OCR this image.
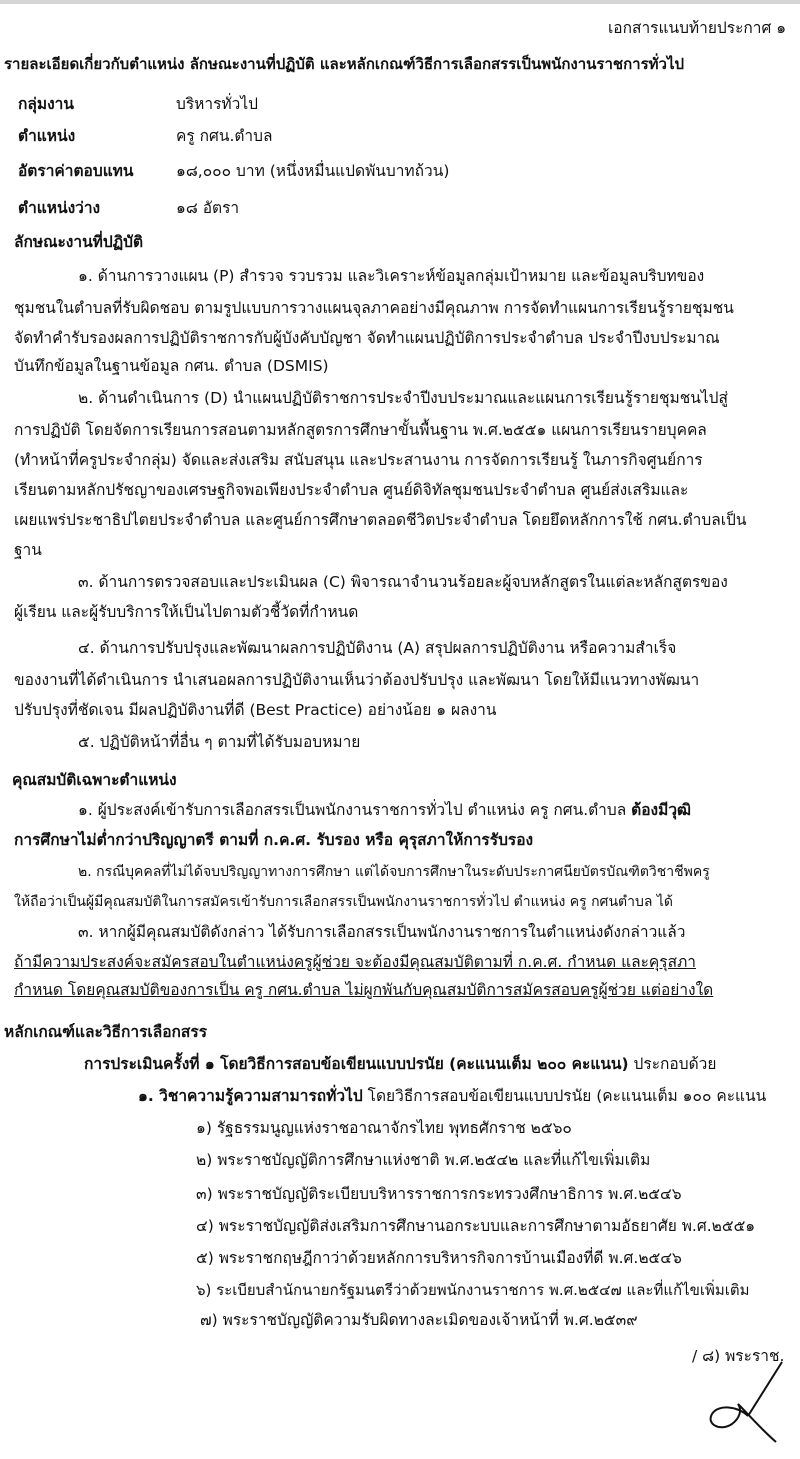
เอกสารแนบท้ายประกาศ ๑
รายละเอียดเกี่ยวกับตำแหน่ง ลักษณะงานที่ปฏิบัติ และหลักเกณฑ์วิธีการเลือกสรรเป็นพนักงานราชการทั่วไป
กลุ่มงาน	บริหารทั่วไป
ตำแหน่ง	ครู กศน.ตำบล
อัตราค่าตอบแทน	๑๘,๐๐๐ บาท (หนึ่งหมื่นแปดพันบาทถ้วน)
ตำแหน่งว่าง	๑๘ อัตรา
ลักษณะงานที่ปฏิบัติ
๑. ด้านการวางแผน (P) สำรวจ รวบรวม และวิเคราะห์ข้อมูลกลุ่มเป้าหมาย และข้อมูลบริบทของ
ชุมชนในตำบลที่รับผิดชอบ ตามรูปแบบการวางแผนจุลภาคอย่างมีคุณภาพ การจัดทำแผนการเรียนรู้รายชุมชน
จัดทำคำรับรองผลการปฏิบัติราชการกับผู้บังคับบัญชา จัดทำแผนปฏิบัติการประจำตำบล ประจำปีงบประมาณ
บันทึกข้อมูลในฐานข้อมูล กศน. ตำบล (DSMIS)
๒. ด้านดำเนินการ (D) นำแผนปฏิบัติราชการประจำปีงบประมาณและแผนการเรียนรู้รายชุมชนไปสู่
การปฏิบัติ โดยจัดการเรียนการสอนตามหลักสูตรการศึกษาขั้นพื้นฐาน พ.ศ.๒๕๕๑ แผนการเรียนรายบุคคล
(ทำหน้าที่ครูประจำกลุ่ม) จัดและส่งเสริม สนับสนุน และประสานงาน การจัดการเรียนรู้ ในภารกิจศูนย์การ
เรียนตามหลักปรัชญาของเศรษฐกิจพอเพียงประจำตำบล ศูนย์ดิจิทัลชุมชนประจำตำบล ศูนย์ส่งเสริมและ
เผยแพร่ประชาธิปไตยประจำตำบล และศูนย์การศึกษาตลอดชีวิตประจำตำบล โดยยึดหลักการใช้ กศน.ตำบลเป็น
ฐาน
๓. ด้านการตรวจสอบและประเมินผล (C) พิจารณาจำนวนร้อยละผู้จบหลักสูตรในแต่ละหลักสูตรของ
ผู้เรียน และผู้รับบริการให้เป็นไปตามตัวชี้วัดที่กำหนด
๔. ด้านการปรับปรุงและพัฒนาผลการปฏิบัติงาน (A) สรุปผลการปฏิบัติงาน หรือความสำเร็จ
ของงานที่ได้ดำเนินการ นำเสนอผลการปฏิบัติงานเห็นว่าต้องปรับปรุง และพัฒนา โดยให้มีแนวทางพัฒนา
ปรับปรุงที่ชัดเจน มีผลปฏิบัติงานที่ดี (Best Practice) อย่างน้อย ๑ ผลงาน
๕. ปฏิบัติหน้าที่อื่น ๆ ตามที่ได้รับมอบหมาย
คุณสมบัติเฉพาะตำแหน่ง
๑. ผู้ประสงค์เข้ารับการเลือกสรรเป็นพนักงานราชการทั่วไป ตำแหน่ง ครู กศน.ตำบล ต้องมีวุฒิ
การศึกษาไม่ต่ำกว่าปริญญาตรี ตามที่ ก.ค.ศ. รับรอง หรือ คุรุสภาให้การรับรอง
๒. กรณีบุคคลที่ไม่ได้จบปริญญาทางการศึกษา แต่ได้จบการศึกษาในระดับประกาศนียบัตรบัณฑิตวิชาชีพครู
ให้ถือว่าเป็นผู้มีคุณสมบัติในการสมัครเข้ารับการเลือกสรรเป็นพนักงานราชการทั่วไป ตำแหน่ง ครู กศนตำบล ได้
๓. หากผู้มีคุณสมบัติดังกล่าว ได้รับการเลือกสรรเป็นพนักงานราชการในตำแหน่งดังกล่าวแล้ว
ถ้ามีความประสงค์จะสมัครสอบในตำแหน่งครูผู้ช่วย จะต้องมีคุณสมบัติตามที่ ก.ค.ศ. กำหนด และคุรุสภา
กำหนด โดยคุณสมบัติของการเป็น ครู กศน.ตำบล ไม่ผูกพันกับคุณสมบัติการสมัครสอบครูผู้ช่วย แต่อย่างใด
หลักเกณฑ์และวิธีการเลือกสรร
การประเมินครั้งที่ ๑ โดยวิธีการสอบข้อเขียนแบบปรนัย (คะแนนเต็ม ๒๐๐ คะแนน) ประกอบด้วย
๑. วิชาความรู้ความสามารถทั่วไป โดยวิธีการสอบข้อเขียนแบบปรนัย (คะแนนเต็ม ๑๐๐ คะแนน
๑) รัฐธรรมนูญแห่งราชอาณาจักรไทย พุทธศักราช ๒๕๖๐
๒) พระราชบัญญัติการศึกษาแห่งชาติ พ.ศ.๒๕๔๒ และที่แก้ไขเพิ่มเติม
๓) พระราชบัญญัติระเบียบบริหารราชการกระทรวงศึกษาธิการ พ.ศ.๒๕๔๖
๔) พระราชบัญญัติส่งเสริมการศึกษานอกระบบและการศึกษาตามอัธยาศัย พ.ศ.๒๕๕๑
๕) พระราชกฤษฎีกาว่าด้วยหลักการบริหารกิจการบ้านเมืองที่ดี พ.ศ.๒๕๔๖
๖) ระเบียบสำนักนายกรัฐมนตรีว่าด้วยพนักงานราชการ พ.ศ.๒๕๔๗ และที่แก้ไขเพิ่มเติม
๗) พระราชบัญญัติความรับผิดทางละเมิดของเจ้าหน้าที่ พ.ศ.๒๕๓๙
/ ๘) พระราช.
